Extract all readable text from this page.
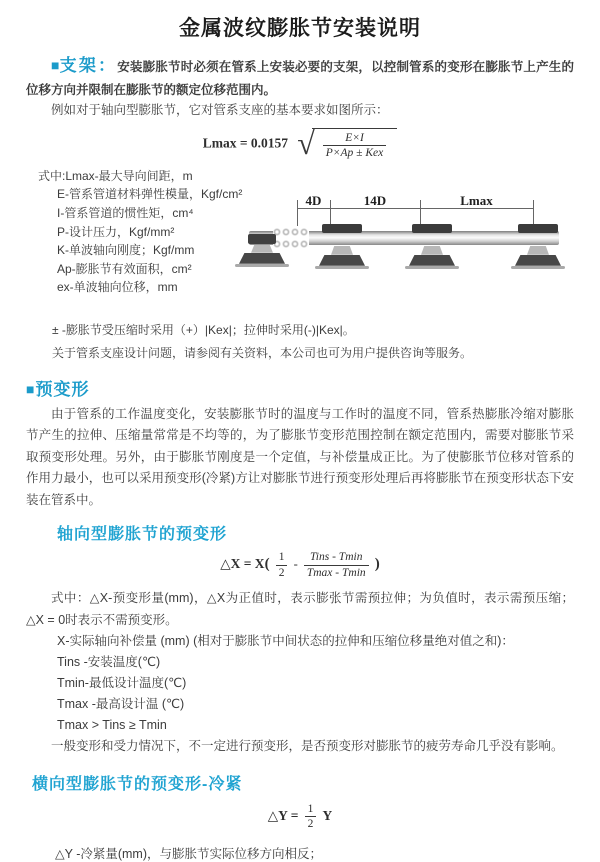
金属波纹膨胀节安装说明

■支架：安装膨胀节时必须在管系上安装必要的支架，以控制管系的变形在膨胀节上产生的位移方向并限制在膨胀节的额定位移范围内。

例如对于轴向型膨胀节，它对管系支座的基本要求如图所示：

Lmax = 0.0157 √ $\frac{E\times I}{\text{P×Ap ± Kex}}$
式中:Lmax-最大导向间距，m
E-管系管道材料弹性模量，Kgf/cm²
I-管系管道的惯性矩，cm⁴
P-设计压力，Kgf/mm²
K-单波轴向刚度；Kgf/mm
Ap-膨胀节有效面积，cm²
ex-单波轴向位移，mm
4D	14D	Lmax
± -膨胀节受压缩时采用（+）|Kex|；拉伸时采用(-)|Kex|。
关于管系支座设计问题，请参阅有关资料，本公司也可为用户提供咨询等服务。
■预变形

由于管系的工作温度变化，安装膨胀节时的温度与工作时的温度不同，管系热膨胀冷缩对膨胀节产生的拉伸、压缩量常常是不均等的，为了膨胀节变形范围控制在额定范围内，需要对膨胀节采取预变形处理。另外，由于膨胀节刚度是一个定值，与补偿量成正比。为了使膨胀节位移对管系的作用力最小，也可以采用预变形(冷紧)方让对膨胀节进行预变形处理后再将膨胀节在预变形状态下安装在管系中。

轴向型膨胀节的预变形
△X = $X( \frac{1}{2} - \frac{\text{Tins - Tmin}}{Tmax - Tmin}$ )

式中：△X-预变形量(mm)，△X为正值时，表示膨张节需预拉伸；为负值时，表示需预压缩；△X = 0时表示不需预变形。

X-实际轴向补偿量 (mm) (相对于膨胀节中间状态的拉伸和压缩位移量绝对值之和)：
Tins -安装温度(℃)
Tmin-最低设计温度(℃)
Tmax -最高设计温 (℃)
Tmax > Tins ≥ Tmin

一般变形和受力情况下，不一定进行预变形，是否预变形对膨胀节的疲劳寿命几乎没有影响。

横向型膨胀节的预变形-冷紧
△Y = $\frac{1}{2}$ Y
△Y -冷紧量(mm)，与膨胀节实际位移方向相反；
